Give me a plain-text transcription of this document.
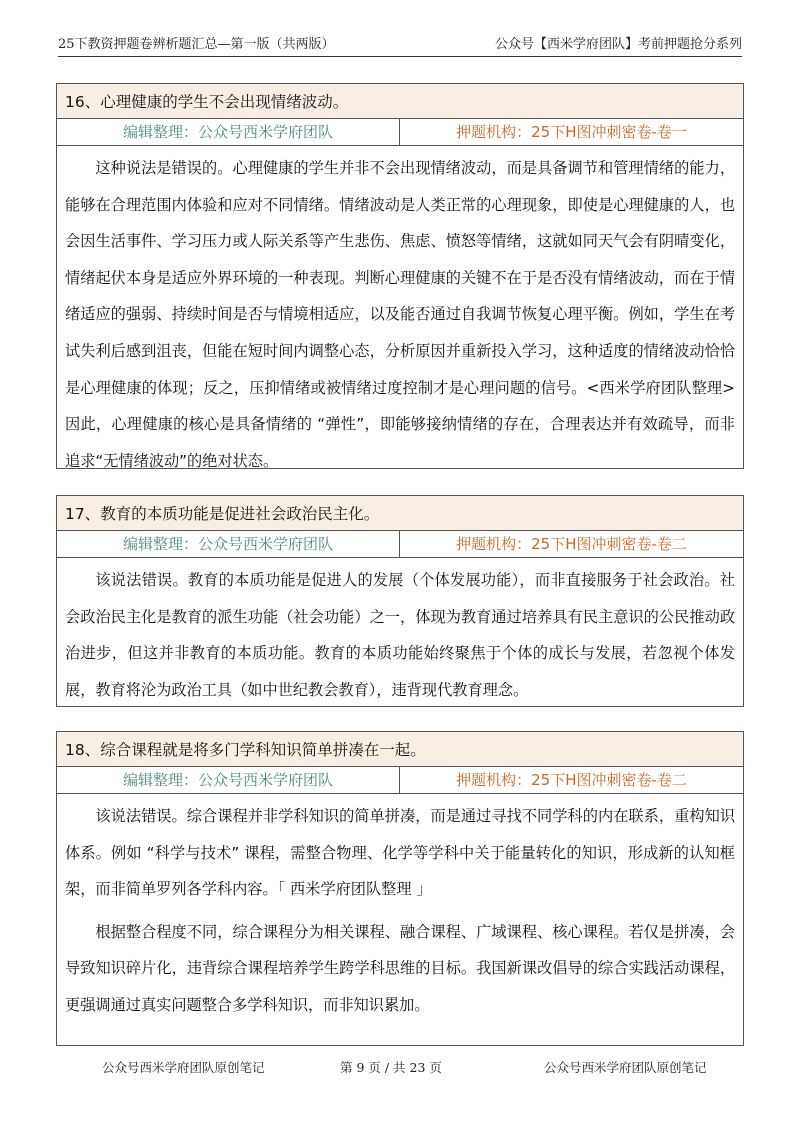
25下教资押题卷辨析题汇总—第一版（共两版）	公众号【西米学府团队】考前押题抢分系列
16、心理健康的学生不会出现情绪波动。
编辑整理：公众号西米学府团队	押题机构：25下H图冲刺密卷-卷一

这种说法是错误的。心理健康的学生并非不会出现情绪波动，而是具备调节和管理情绪的能力，能够在合理范围内体验和应对不同情绪。情绪波动是人类正常的心理现象，即使是心理健康的人，也会因生活事件、学习压力或人际关系等产生悲伤、焦虑、愤怒等情绪，这就如同天气会有阴晴变化，情绪起伏本身是适应外界环境的一种表现。判断心理健康的关键不在于是否没有情绪波动，而在于情绪适应的强弱、持续时间是否与情境相适应，以及能否通过自我调节恢复心理平衡。例如，学生在考试失利后感到沮丧，但能在短时间内调整心态，分析原因并重新投入学习，这种适度的情绪波动恰恰是心理健康的体现；反之，压抑情绪或被情绪过度控制才是心理问题的信号。<西米学府团队整理>因此，心理健康的核心是具备情绪的 “弹性”，即能够接纳情绪的存在，合理表达并有效疏导，而非追求“无情绪波动”的绝对状态。

17、教育的本质功能是促进社会政治民主化。
编辑整理：公众号西米学府团队	押题机构：25下H图冲刺密卷-卷二

该说法错误。教育的本质功能是促进人的发展（个体发展功能），而非直接服务于社会政治。社会政治民主化是教育的派生功能（社会功能）之一，体现为教育通过培养具有民主意识的公民推动政治进步，但这并非教育的本质功能。教育的本质功能始终聚焦于个体的成长与发展，若忽视个体发展，教育将沦为政治工具（如中世纪教会教育），违背现代教育理念。

18、综合课程就是将多门学科知识简单拼凑在一起。
编辑整理：公众号西米学府团队	押题机构：25下H图冲刺密卷-卷二

该说法错误。综合课程并非学科知识的简单拼凑，而是通过寻找不同学科的内在联系，重构知识体系。例如 “科学与技术” 课程，需整合物理、化学等学科中关于能量转化的知识，形成新的认知框架，而非简单罗列各学科内容。「 西米学府团队整理 」

根据整合程度不同，综合课程分为相关课程、融合课程、广域课程、核心课程。若仅是拼凑，会导致知识碎片化，违背综合课程培养学生跨学科思维的目标。我国新课改倡导的综合实践活动课程，更强调通过真实问题整合多学科知识，而非知识累加。

公众号西米学府团队原创笔记	第 9 页 / 共 23 页	公众号西米学府团队原创笔记
